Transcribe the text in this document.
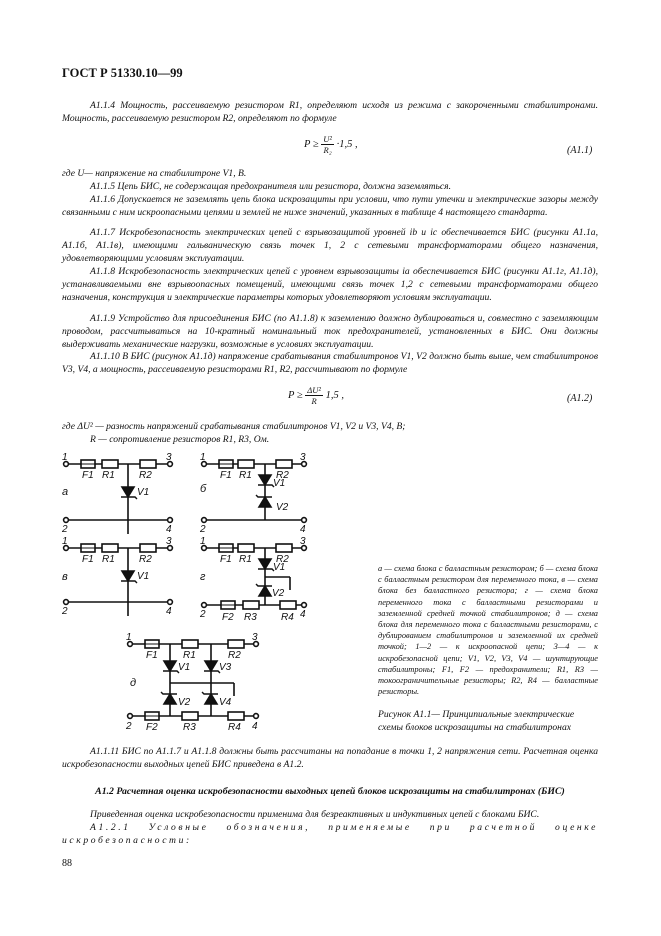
ГОСТ Р 51330.10—99

А1.1.4 Мощность, рассеиваемую резистором R1, определяют исходя из режима с закороченными стабилитронами. Мощность, рассеиваемую резистором R2, определяют по формуле

$P \ge \frac{\text{U²}}{\text{R₂}} \cdot 1,5$ ,
(А1.1)

где U— напряжение на стабилитроне V1, В.

А1.1.5 Цепь БИС, не содержащая предохранителя или резистора, должна заземляться.

А1.1.6 Допускается не заземлять цепь блока искрозащиты при условии, что пути утечки и электрические зазоры между связанными с ним искроопасными цепями и землей не ниже значений, указанных в таблице 4 настоящего стандарта.

А1.1.7 Искробезопасность электрических цепей с взрывозащитой уровней ib и ic обеспечивается БИС (рисунки А1.1а, А1.1б, А1.1в), имеющими гальваническую связь точек 1, 2 с сетевыми трансформаторами общего назначения, удовлетворяющими условиям эксплуатации.

А1.1.8 Искробезопасность электрических цепей с уровнем взрывозащиты ia обеспечивается БИС (рисунки А1.1г, А1.1д), устанавливаемыми вне взрывоопасных помещений, имеющими связь точек 1,2 с сетевыми трансформаторами общего назначения, конструкция и электрические параметры которых удовлетворяют условиям эксплуатации.

А1.1.9 Устройство для присоединения БИС (по А1.1.8) к заземлению должно дублироваться и, совместно с заземляющим проводом, рассчитываться на 10-кратный номинальный ток предохранителей, установленных в БИС. Они должны выдерживать механические нагрузки, возможные в условиях эксплуатации.

А1.1.10 В БИС (рисунок А1.1д) напряжение срабатывания стабилитронов V1, V2 должно быть выше, чем стабилитронов V3, V4, а мощность, рассеиваемую резисторами R1, R2, рассчитывают по формуле

$P \ge \frac{\text{ΔU²}}{R} 1,5$ ,	(А1.2)

где ΔU² — разность напряжений срабатывания стабилитронов V1, V2 и V3, V4, В;

R — сопротивление резисторов R1, R3, Ом.

1	3
2	4
F1 R1 R2
V1
а
1	3
2	4
F1 R1 R2
V1
V2
б
1	3
2	4
F1 R1 R2
V1
в
1	3
2	4
F1 R1 R2
V1
V2
F2 R3 R4
г
1	3
2	4
F1	R1	R2
V1	V3
V2	V4
F2	R3	R4
д
а — схема блока с балластным резистором; б — схема блока с балластным резистором для переменного тока, в — схема блока без балластного резистора; г — схема блока переменного тока с балластными резисторами и заземленной средней точкой стабилитронов; д — схема блока для переменного тока с балластными резисторами, с дублированием стабилитронов и заземленной их средней точкой; 1—2 — к искроопасной цепи; 3—4 — к искробезопасной цепи; V1, V2, V3, V4 — шунтирующие стабилитроны; F1, F2 — предохранители; R1, R3 — токоограничительные резисторы; R2, R4 — балластные резисторы.
Рисунок А1.1— Принципиальные электрические схемы блоков искрозащиты на стабилитронах

А1.1.11 БИС по А1.1.7 и А1.1.8 должны быть рассчитаны на попадание в точки 1, 2 напряжения сети. Расчетная оценка искробезопасности выходных цепей БИС приведена в А1.2.

А1.2 Расчетная оценка искробезопасности выходных цепей блоков искрозащиты на стабилитронах (БИС)

Приведенная оценка искробезопасности применима для безреактивных и индуктивных цепей с блоками БИС.

А1.2.1 Условные обозначения, применяемые при расчетной оценке искробезопасности:

88
